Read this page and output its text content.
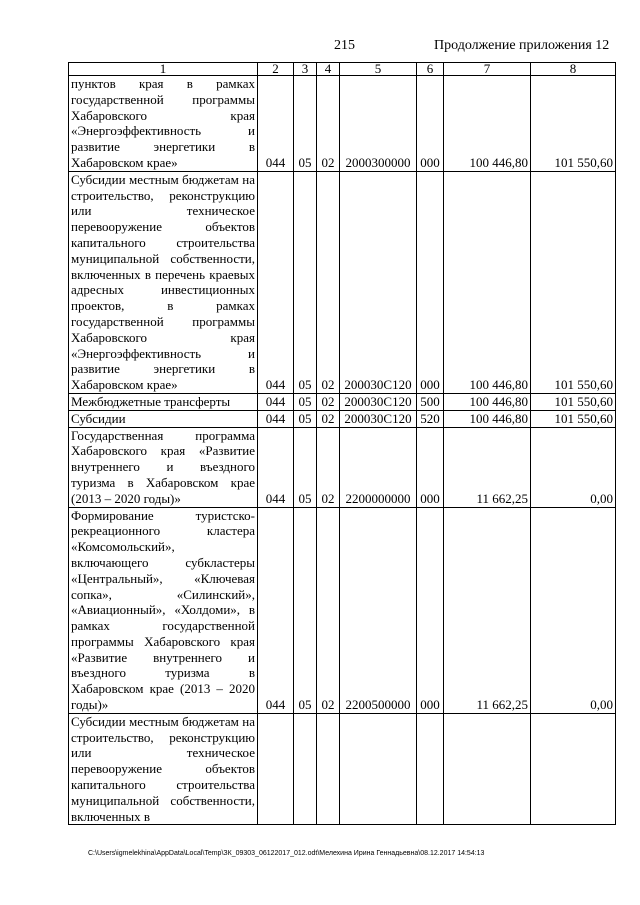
215	Продолжение приложения 12
1	2	3	4	5	6	7	8
пунктов края в рамках государственной программы Хабаровского края «Энергоэффективность и развитие энергетики в Хабаровском крае»	044	05	02	2000300000	000	100 446,80	101 550,60
Субсидии местным бюджетам на строительство, реконструкцию или техническое перевооружение объектов капитального строительства муниципальной собственности, включенных в перечень краевых адресных инвестиционных проектов, в рамках государственной программы Хабаровского края «Энергоэффективность и развитие энергетики в Хабаровском крае»	044	05	02	200030С120	000	100 446,80	101 550,60
Межбюджетные трансферты	044	05	02	200030С120	500	100 446,80	101 550,60
Субсидии	044	05	02	200030С120	520	100 446,80	101 550,60
Государственная программа Хабаровского края «Развитие внутреннего и въездного туризма в Хабаровском крае (2013 – 2020 годы)»	044	05	02	2200000000	000	11 662,25	0,00
Формирование туристско-рекреационного кластера «Комсомольский», включающего субкластеры «Центральный», «Ключевая сопка», «Силинский», «Авиационный», «Холдоми», в рамках государственной программы Хабаровского края «Развитие внутреннего и въездного туризма в Хабаровском крае (2013 – 2020 годы)»	044	05	02	2200500000	000	11 662,25	0,00
Субсидии местным бюджетам на строительство, реконструкцию или техническое перевооружение объектов капитального строительства муниципальной собственности, включенных в							
C:\Users\igmelekhina\AppData\Local\Temp\ЗК_09303_06122017_012.odt\Мелехина Ирина Геннадьевна\08.12.2017 14:54:13
